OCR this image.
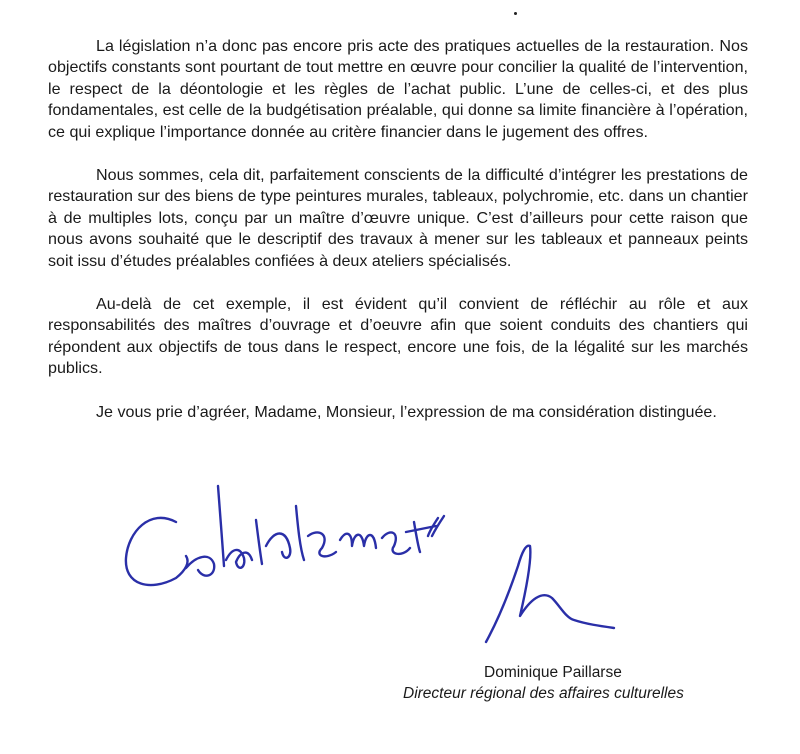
La législation n’a donc pas encore pris acte des pratiques actuelles de la restauration. Nos objectifs constants sont pourtant de tout mettre en œuvre pour concilier la qualité de l’intervention, le respect de la déontologie et les règles de l’achat public. L’une de celles-ci, et des plus fondamentales, est celle de la budgétisation préalable, qui donne sa limite financière à l’opération, ce qui explique l’importance donnée au critère financier dans le jugement des offres.

Nous sommes, cela dit, parfaitement conscients de la difficulté d’intégrer les prestations de restauration sur des biens de type peintures murales, tableaux, polychromie, etc. dans un chantier à de multiples lots, conçu par un maître d’œuvre unique. C’est d’ailleurs pour cette raison que nous avons souhaité que le descriptif des travaux à mener sur les tableaux et panneaux peints soit issu d’études préalables confiées à deux ateliers spécialisés.

Au-delà de cet exemple, il est évident qu’il convient de réfléchir au rôle et aux responsabilités des maîtres d’ouvrage et d’oeuvre afin que soient conduits des chantiers qui répondent aux objectifs de tous dans le respect, encore une fois, de la légalité sur les marchés publics.

Je vous prie d’agréer, Madame, Monsieur, l’expression de ma considération distinguée.

Dominique Paillarse
Directeur régional des affaires culturelles
